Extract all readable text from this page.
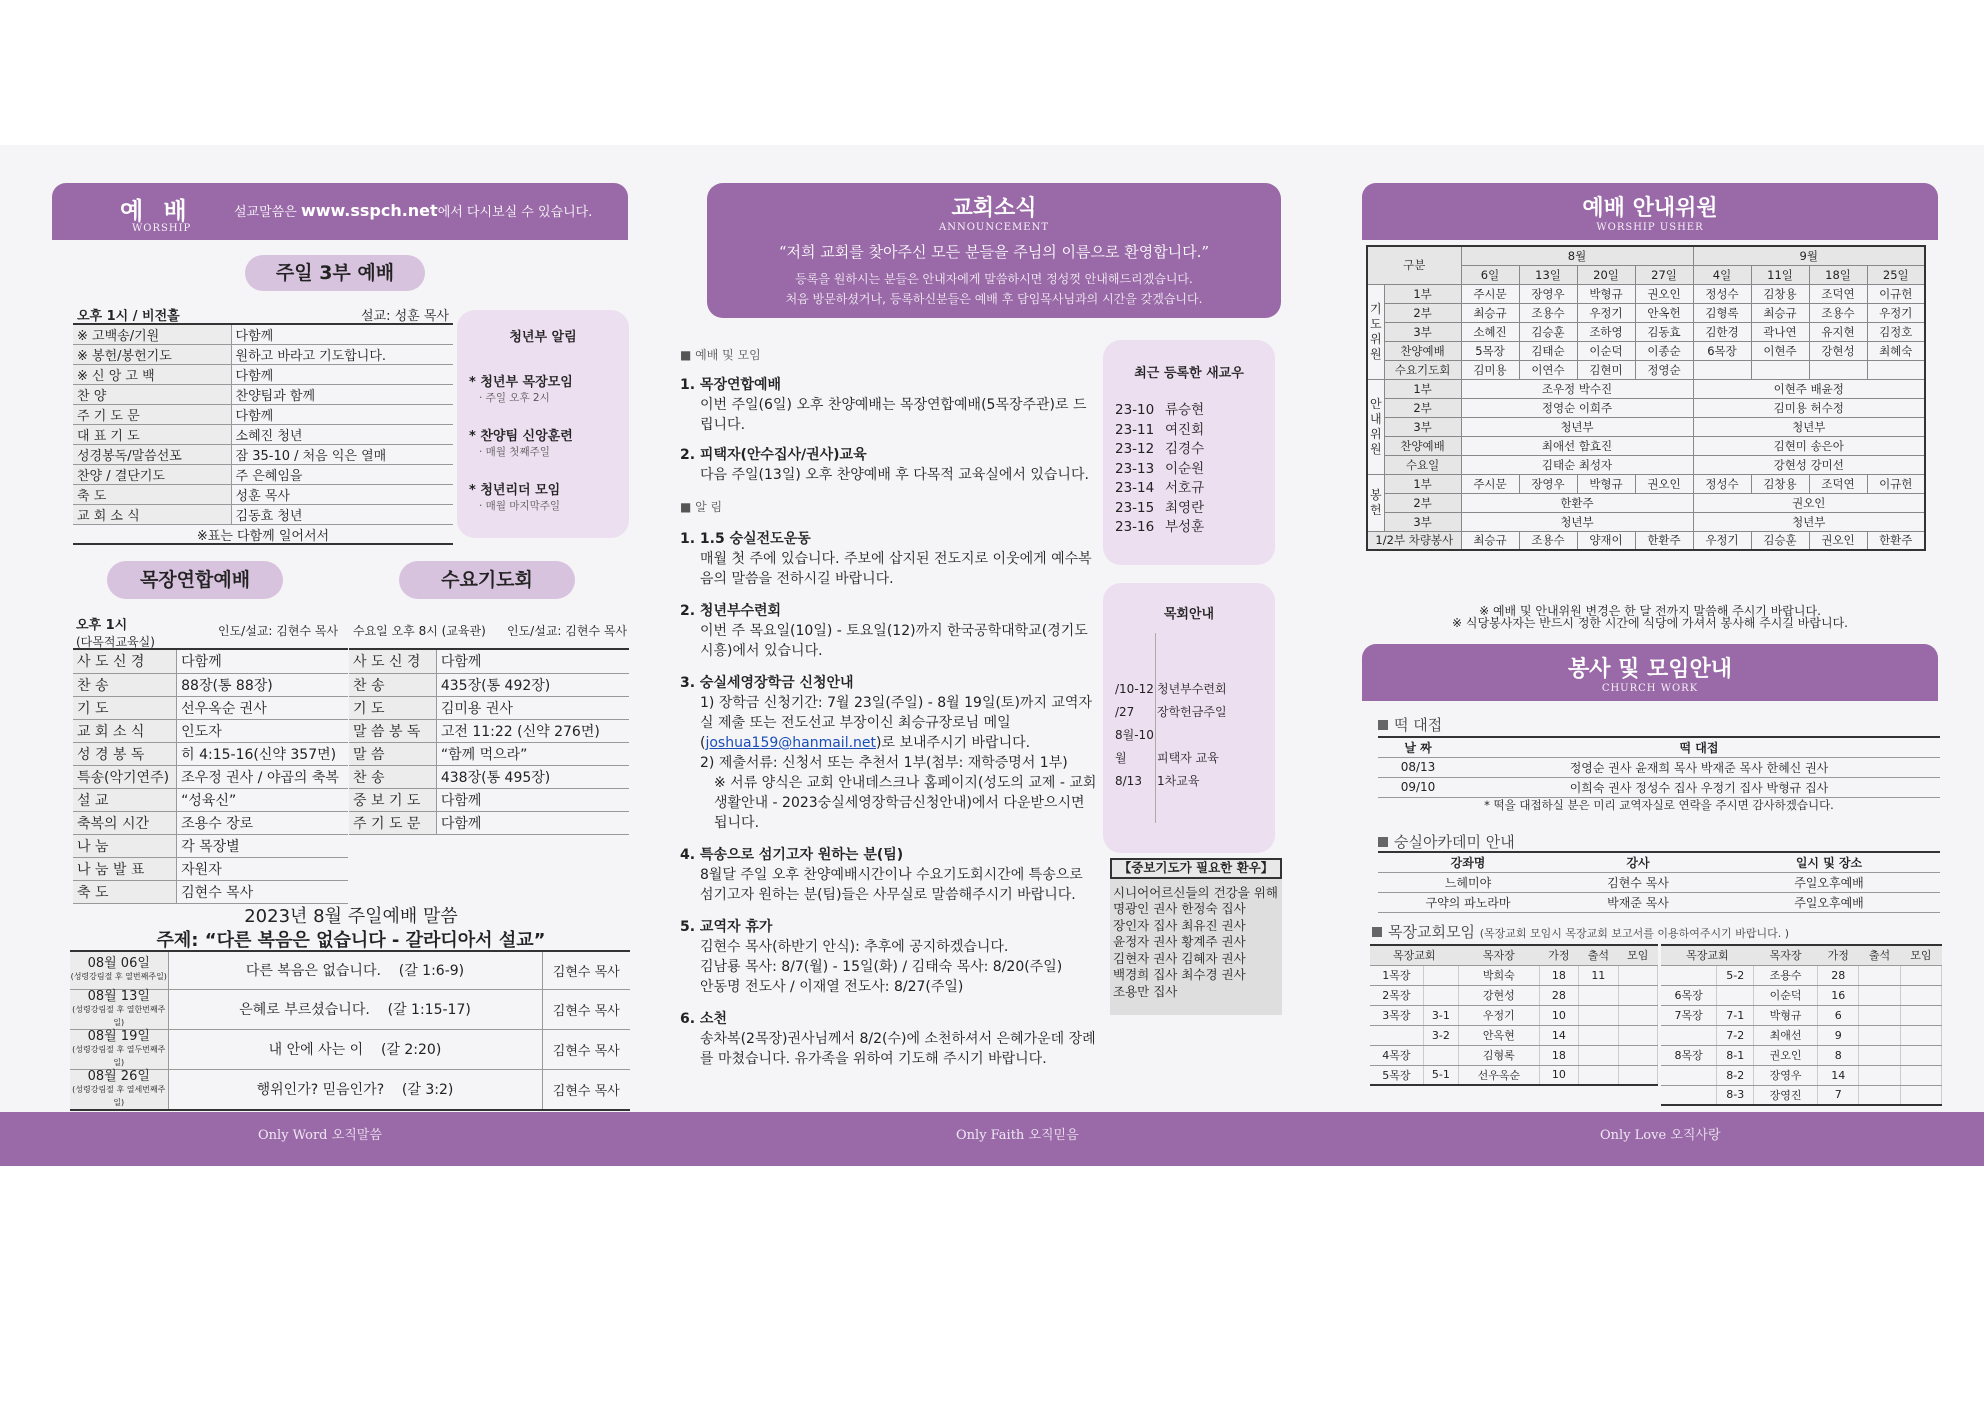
예 배
WORSHIP
설교말씀은 www.sspch.net에서 다시보실 수 있습니다.
주일 3부 예배
오후 1시 / 비전홀	설교: 성훈 목사
※ 고백송/기원	다함께
※ 봉헌/봉헌기도	원하고 바라고 기도합니다.
※ 신 앙 고 백	다함께
찬 양	찬양팀과 함께
주 기 도 문	다함께
대 표 기 도	소혜진 청년
성경봉독/말씀선포	잠 35-10 / 처음 익은 열매
찬양 / 결단기도	주 은혜임을
축 도	성훈 목사
교 회 소 식	김동효 청년
※표는 다함께 일어서서
청년부 알림
* 청년부 목장모임
· 주일 오후 2시
* 찬양팀 신앙훈련
· 매월 첫째주일
* 청년리더 모임
· 매월 마지막주일
목장연합예배	수요기도회
오후 1시
(다목적교육실)
인도/설교: 김현수 목사
사 도 신 경	다함께
찬 송	88장(통 88장)
기 도	선우옥순 권사
교 회 소 식	인도자
성 경 봉 독	히 4:15-16(신약 357면)
특송(악기연주)	조우정 권사 / 야곱의 축복
설 교	“성육신”
축복의 시간	조용수 장로
나 눔	각 목장별
나 눔 발 표	자원자
축 도	김현수 목사
수요일 오후 8시 (교육관) 인도/설교: 김현수 목사
사 도 신 경	다함께
찬 송	435장(통 492장)
기 도	김미용 권사
말 씀 봉 독	고전 11:22 (신약 276면)
말 씀	“함께 먹으라”
찬 송	438장(통 495장)
중 보 기 도	다함께
주 기 도 문	다함께
2023년 8월 주일예배 말씀
주제: “다른 복음은 없습니다 - 갈라디아서 설교”
08월 06일
(성령강림절 후 열번째주일)	다른 복음은 없습니다.    (갈 1:6-9)	김현수 목사

08월 13일
(성령강림절 후 열한번째주일)	은혜로 부르셨습니다.    (갈 1:15-17)	김현수 목사

08월 19일
(성령강림절 후 열두번째주일)	내 안에 사는 이    (갈 2:20)	김현수 목사

08월 26일
(성령강림절 후 열세번째주일)	행위인가? 믿음인가?    (갈 3:2)	김현수 목사
교회소식
ANNOUNCEMENT
“저희 교회를 찾아주신 모든 분들을 주님의 이름으로 환영합니다.”
등록을 원하시는 분들은 안내자에게 말씀하시면 정성껏 안내해드리겠습니다.
처음 방문하셨거나, 등록하신분들은 예배 후 담임목사님과의 시간을 갖겠습니다.
■ 예배 및 모임
1. 목장연합예배
이번 주일(6일) 오후 찬양예배는 목장연합예배(5목장주관)로 드립니다.
2. 피택자(안수집사/권사)교육
다음 주일(13일) 오후 찬양예배 후 다목적 교육실에서 있습니다.
■ 알 림
1. 1.5 숭실전도운동
매월 첫 주에 있습니다. 주보에 삽지된 전도지로 이웃에게 예수복음의 말씀을 전하시길 바랍니다.
2. 청년부수련회
이번 주 목요일(10일) - 토요일(12)까지 한국공학대학교(경기도 시흥)에서 있습니다.
3. 숭실세영장학금 신청안내
1) 장학금 신청기간: 7월 23일(주일) - 8월 19일(토)까지 교역자실 제출 또는 전도선교 부장이신 최승규장로님 메일(joshua159@hanmail.net)로 보내주시기 바랍니다.
2) 제출서류: 신청서 또는 추천서 1부(첨부: 재학증명서 1부)
※ 서류 양식은 교회 안내데스크나 홈페이지(성도의 교제 - 교회생활안내 - 2023숭실세영장학금신청안내)에서 다운받으시면 됩니다.
4. 특송으로 섬기고자 원하는 분(팀)
8월달 주일 오후 찬양예배시간이나 수요기도회시간에 특송으로 섬기고자 원하는 분(팀)들은 사무실로 말씀해주시기 바랍니다.
5. 교역자 휴가
김현수 목사(하반기 안식): 추후에 공지하겠습니다.
김남룡 목사: 8/7(월) - 15일(화) / 김태숙 목사: 8/20(주일)
안동명 전도사 / 이재열 전도사: 8/27(주일)
6. 소천
송차복(2목장)권사님께서 8/2(수)에 소천하셔서 은혜가운데 장례를 마쳤습니다. 유가족을 위하여 기도해 주시기 바랍니다.
최근 등록한 새교우
23-10 류승현
23-11 여진회
23-12 김경수
23-13 이순원
23-14 서호규
23-15 최영란
23-16 부성훈
목회안내
/10-12 청년부수련회
/27 장학헌금주일
8월-10월	피택자 교육
8/13 1차교육
【중보기도가 필요한 환우】
시니어어르신들의 건강을 위해
명광인 권사 한정숙 집사
장인자 집사 최유진 권사
윤정자 권사 황계주 권사
김현자 권사 김혜자 권사
백경희 집사 최수경 권사
조용만 집사
예배 안내위원
WORSHIP USHER
구분		8월				9월			
		6일	13일	20일	27일	4일	11일	18일	25일
기도위원	1부	주시문	장영우	박형규	권오인	정성수	김창용	조덕연	이규헌
	2부	최승규	조용수	우정기	안옥헌	김형록	최승규	조용수	우정기
	3부	소혜진	김승훈	조하영	김동효	김한경	곽나연	유지현	김정호
	찬양예배	5목장	김태순	이순덕	이종순	6목장	이현주	강현성	최혜숙
	수요기도회	김미용	이연수	김현미	정영순				
안내위원	1부	조우정 박수진				이현주 배윤정			
	2부	정영순 이희주				김미용 허수정			
	3부	청년부				청년부			
	찬양예배	최애선 함효진				김현미 송은아			
	수요일	김태순 최성자				강현성 강미선			
봉헌	1부	주시문	장영우	박형규	권오인	정성수	김창용	조덕연	이규헌
	2부	한환주				권오인			
	3부	청년부				청년부			
1/2부 차량봉사		최승규	조용수	양재이	한환주	우정기	김승훈	권오인	한환주
※ 예배 및 안내위원 변경은 한 달 전까지 말씀해 주시기 바랍니다.
※ 식당봉사자는 반드시 정한 시간에 식당에 가셔서 봉사해 주시길 바랍니다.
봉사 및 모임안내
CHURCH WORK
떡 대접
날 짜	떡 대접
08/13	정영순 권사 윤재희 목사 박재준 목사 한혜신 권사
09/10	이희숙 권사 정성수 집사 우정기 집사 박형규 집사
* 떡을 대접하실 분은 미리 교역자실로 연락을 주시면 감사하겠습니다.
숭실아카데미 안내
강좌명	강사	일시 및 장소
느헤미야	김현수 목사	주일오후예배
구약의 파노라마	박재준 목사	주일오후예배
목장교회모임 (목장교회 모임시 목장교회 보고서를 이용하여주시기 바랍니다. )
목장교회		목자장	가정	출석	모임
1목장		박희숙	18	11	
2목장		강현성	28		
3목장	3-1	우정기	10		
	3-2	안옥현	14		
4목장		김형록	18		
5목장	5-1	선우옥순	10		
목장교회		목자장	가정	출석	모임
	5-2	조용수	28		
6목장		이순덕	16		
7목장	7-1	박형규	6		
	7-2	최애선	9		
8목장	8-1	권오인	8		
	8-2	장영우	14		
	8-3	장영진	7		
Only Word 오직말씀	Only Faith 오직믿음	Only Love 오직사랑
